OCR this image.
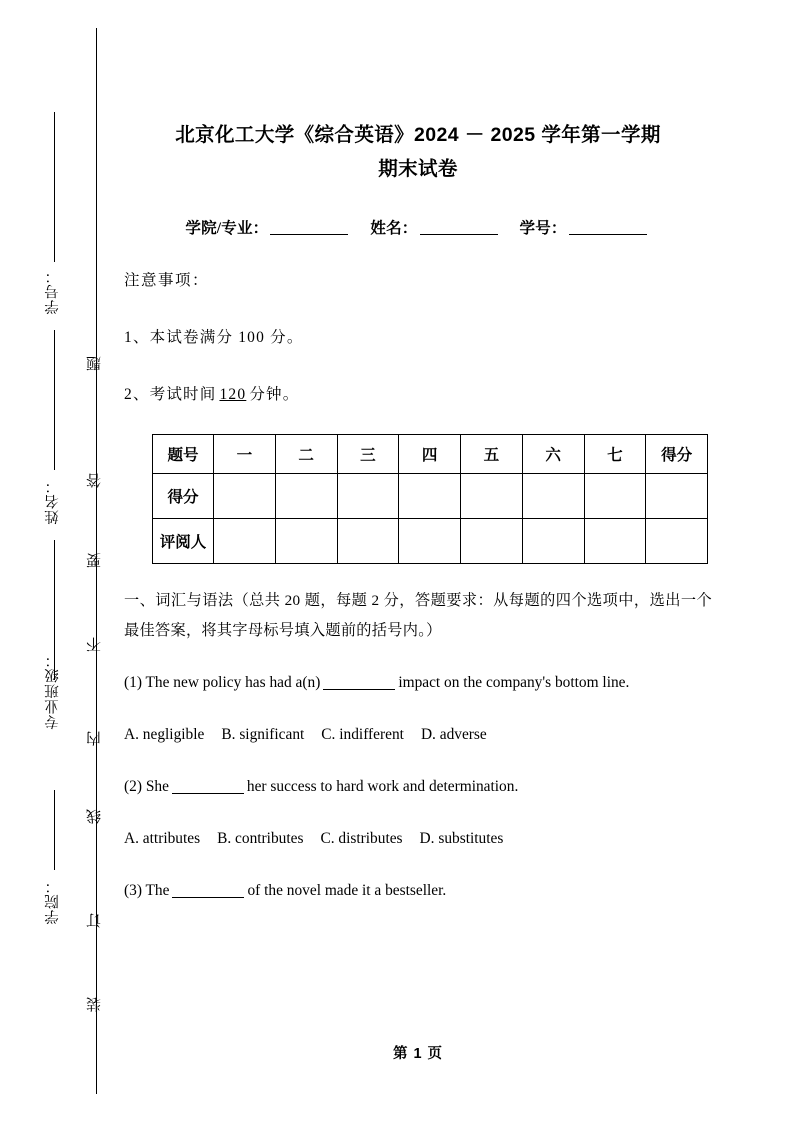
学号：
姓名：
专业班级：
学院：
题
答
要
不
内
线
订
装
北京化工大学《综合英语》2024 － 2025 学年第一学期
期末试卷
学院/专业：	姓名：	学号：

注意事项：

1、本试卷满分 100 分。

2、考试时间 120 分钟。

题号	一	二	三	四	五	六	七	得分
得分								
评阅人								

一、词汇与语法（总共 20 题，每题 2 分，答题要求：从每题的四个选项中，选出一个最佳答案，将其字母标号填入题前的括号内。）

(1) The new policy has had a(n)	impact on the company's bottom line.

A. negligible B. significant C. indifferent D. adverse

(2) She	her success to hard work and determination.

A. attributes B. contributes C. distributes D. substitutes

(3) The	of the novel made it a bestseller.

第 1 页
